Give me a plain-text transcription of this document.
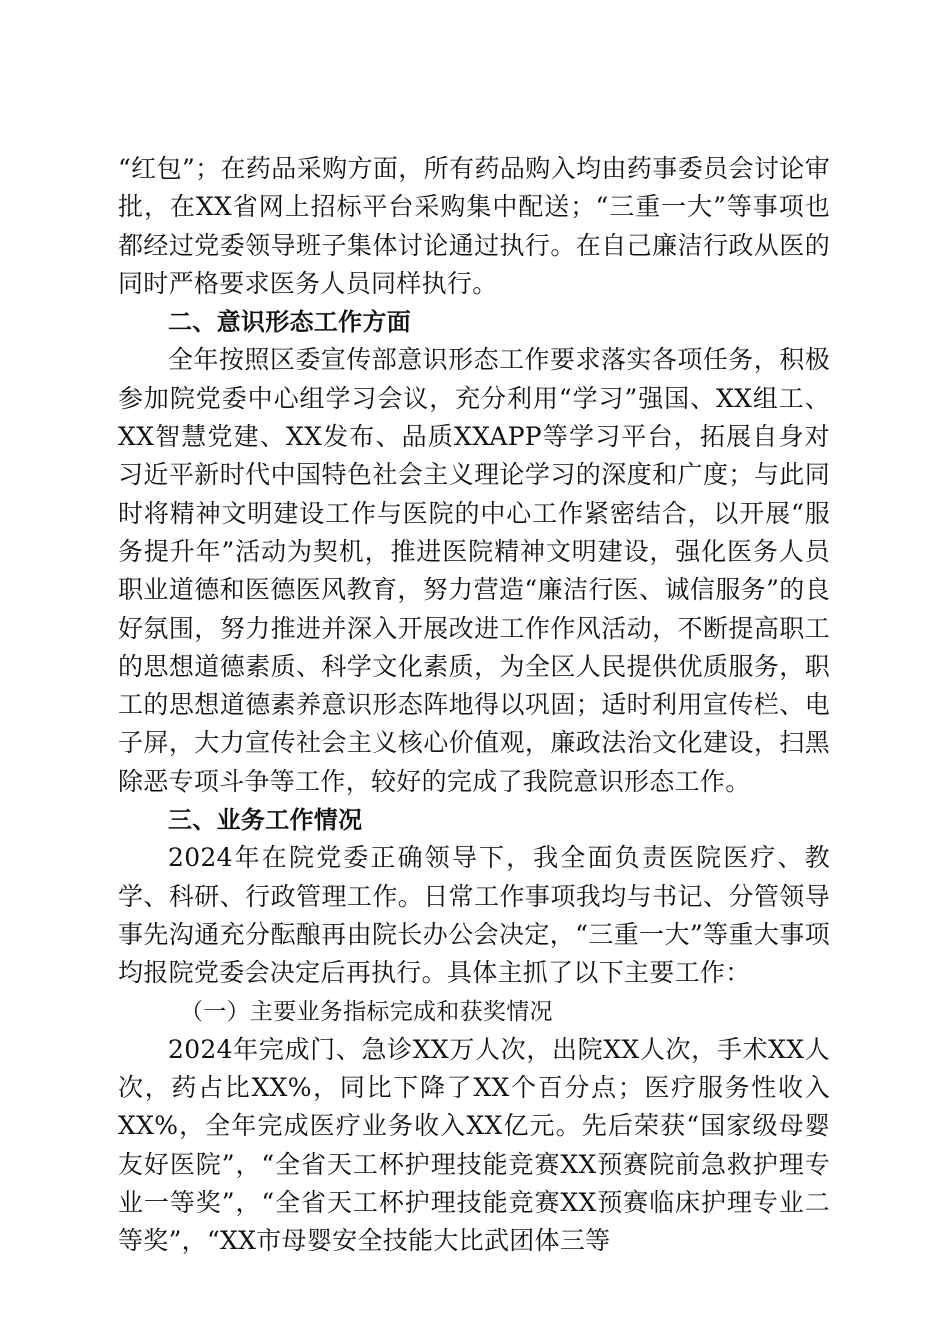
“红包”；在药品采购方面，所有药品购入均由药事委员会讨论审批，在XX省网上招标平台采购集中配送；“三重一大”等事项也都经过党委领导班子集体讨论通过执行。在自己廉洁行政从医的同时严格要求医务人员同样执行。

二、意识形态工作方面

全年按照区委宣传部意识形态工作要求落实各项任务，积极参加院党委中心组学习会议，充分利用“学习”强国、XX组工、XX智慧党建、XX发布、品质XXAPP等学习平台，拓展自身对习近平新时代中国特色社会主义理论学习的深度和广度；与此同时将精神文明建设工作与医院的中心工作紧密结合，以开展“服务提升年”活动为契机，推进医院精神文明建设，强化医务人员职业道德和医德医风教育，努力营造“廉洁行医、诚信服务”的良好氛围，努力推进并深入开展改进工作作风活动，不断提高职工的思想道德素质、科学文化素质，为全区人民提供优质服务，职工的思想道德素养意识形态阵地得以巩固；适时利用宣传栏、电子屏，大力宣传社会主义核心价值观，廉政法治文化建设，扫黑除恶专项斗争等工作，较好的完成了我院意识形态工作。

三、业务工作情况

2024年在院党委正确领导下，我全面负责医院医疗、教学、科研、行政管理工作。日常工作事项我均与书记、分管领导事先沟通充分酝酿再由院长办公会决定，“三重一大”等重大事项均报院党委会决定后再执行。具体主抓了以下主要工作：

（一）主要业务指标完成和获奖情况

2024年完成门、急诊XX万人次，出院XX人次，手术XX人次，药占比XX%，同比下降了XX个百分点；医疗服务性收入XX%，全年完成医疗业务收入XX亿元。先后荣获“国家级母婴友好医院”，“全省天工杯护理技能竞赛XX预赛院前急救护理专业一等奖”，“全省天工杯护理技能竞赛XX预赛临床护理专业二等奖”，“XX市母婴安全技能大比武团体三等
